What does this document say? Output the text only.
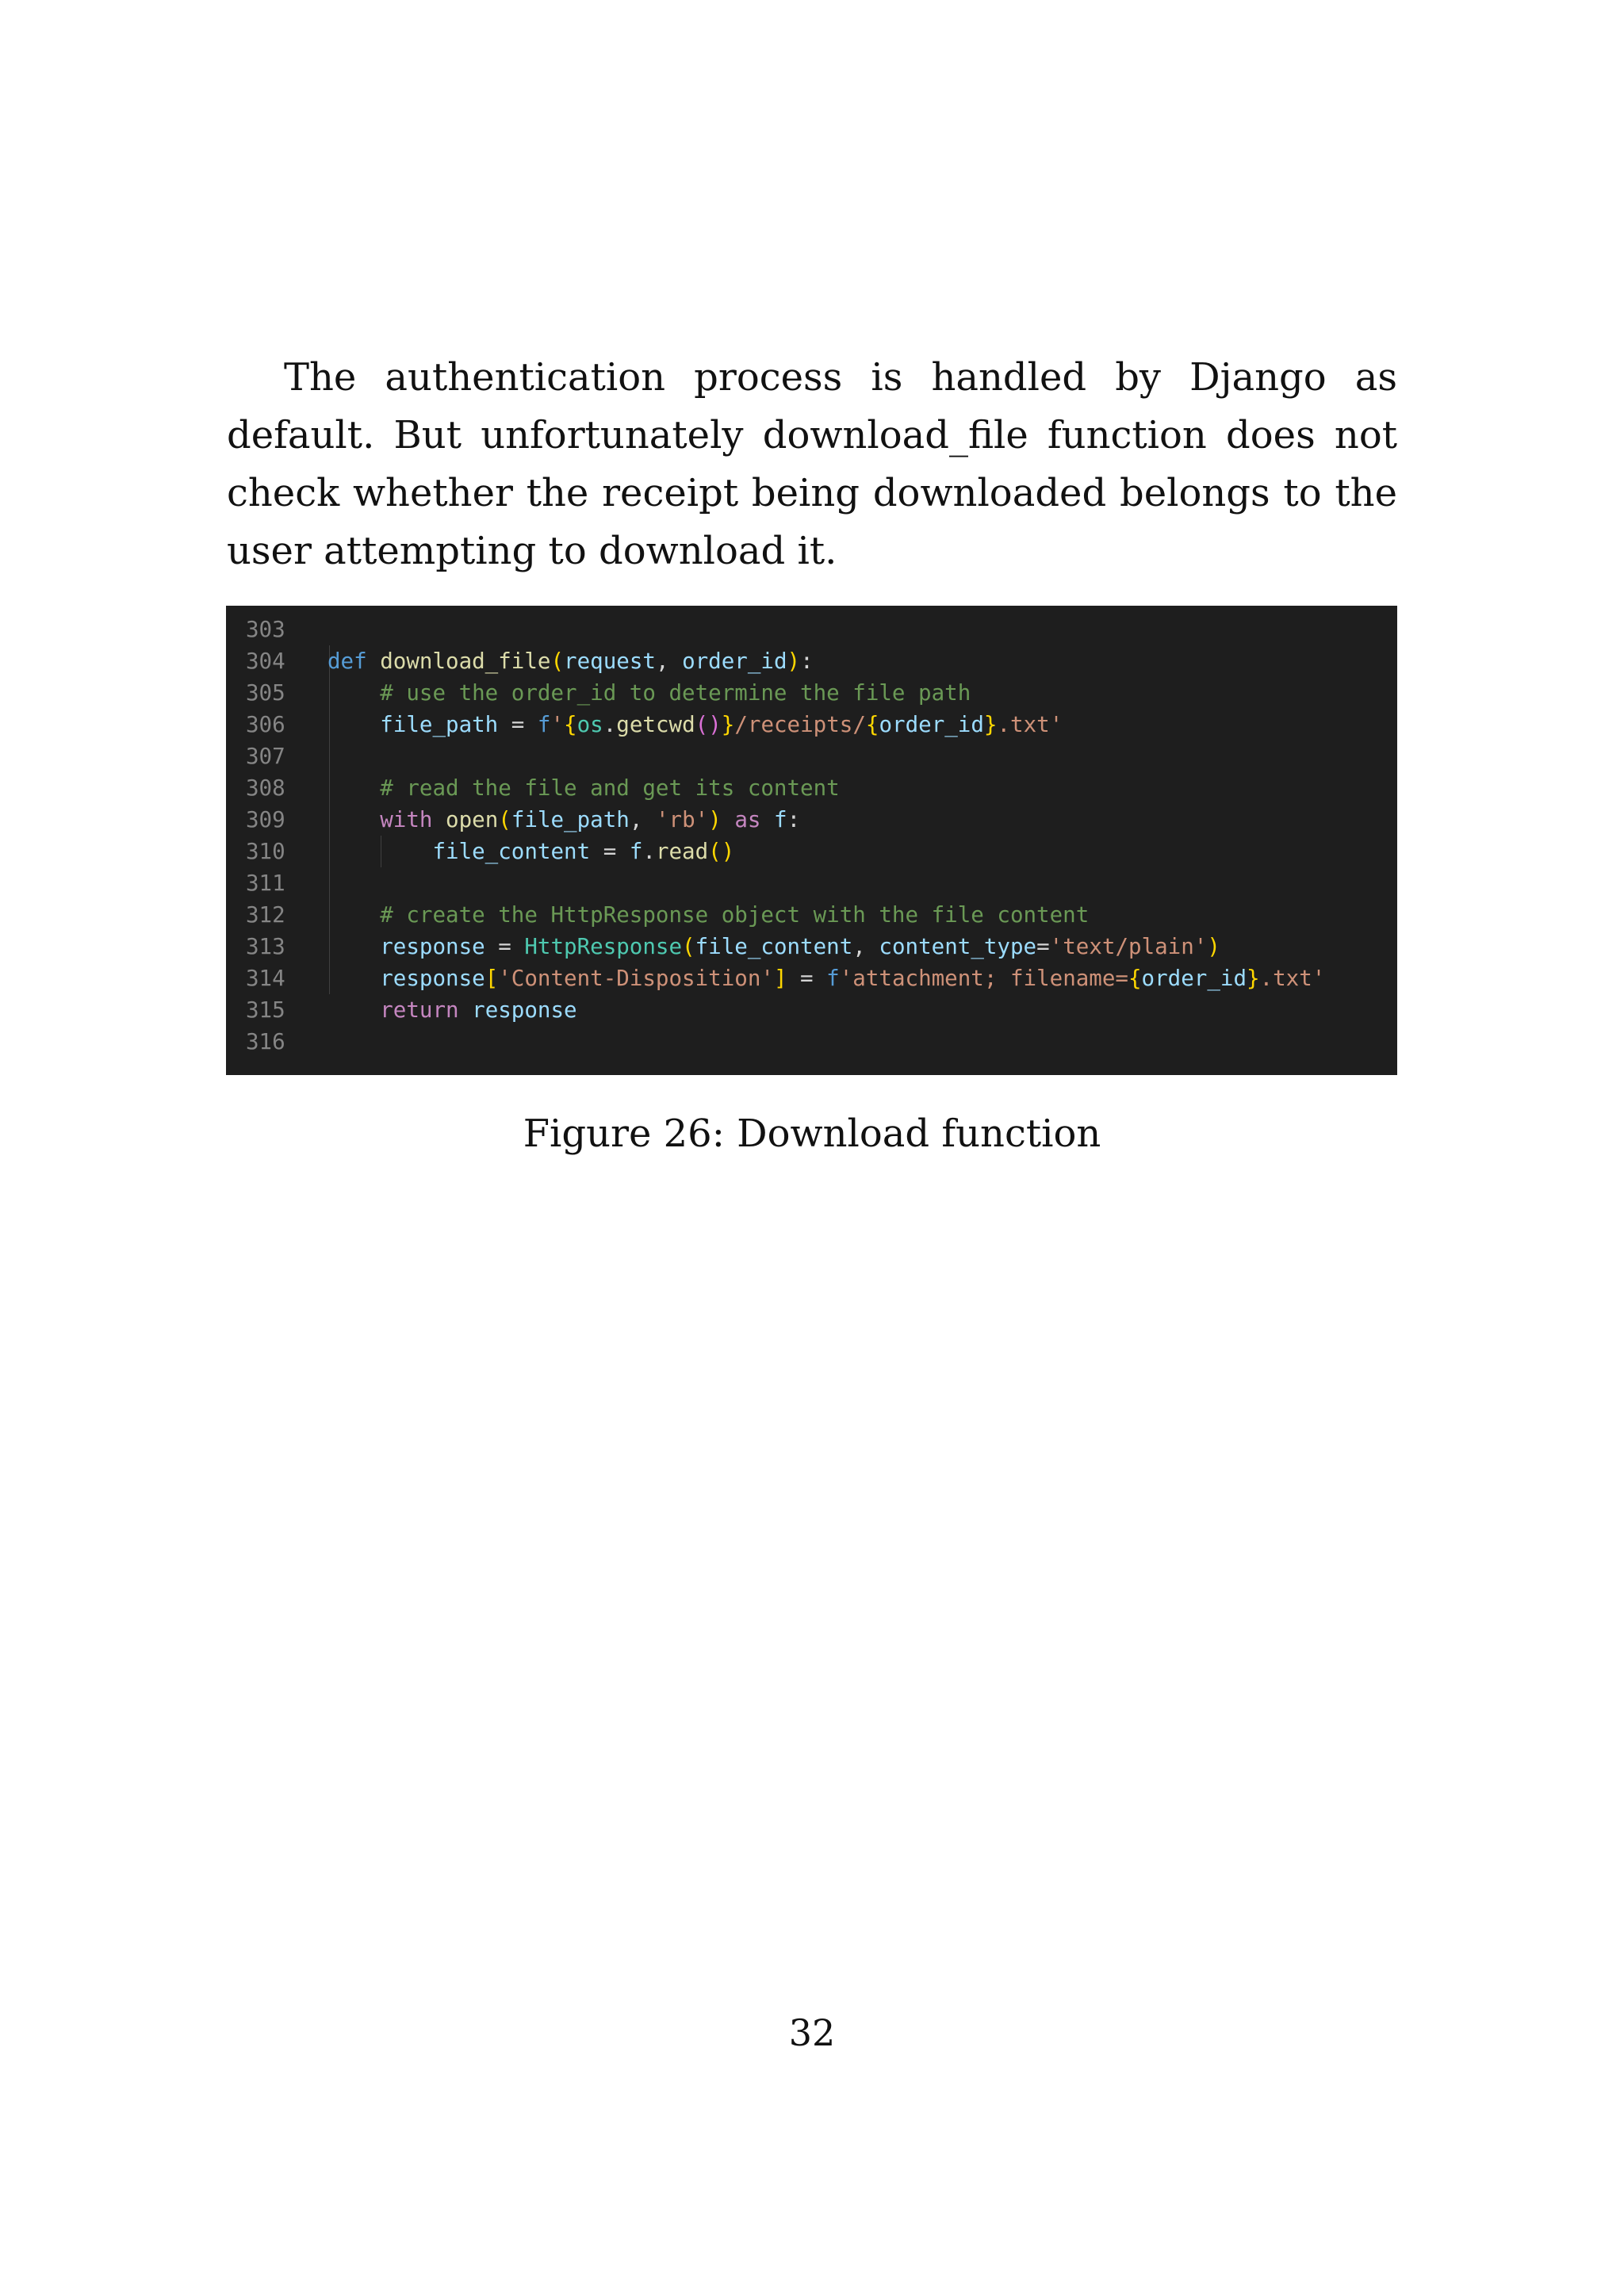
The authentication process is handled by Django as default. But unfortunately download_file function does not check whether the receipt being downloaded belongs to the user attempting to download it.

303
304 def download_file(request, order_id):
305	# use the order_id to determine the file path
306	file_path = f'{os.getcwd()}/receipts/{order_id}.txt'
307
308	# read the file and get its content
309	with open(file_path, 'rb') as f:
310	file_content = f.read()
311
312	# create the HttpResponse object with the file content
313	response = HttpResponse(file_content, content_type='text/plain')
314	response['Content-Disposition'] = f'attachment; filename={order_id}.txt'
315	return response
316
Figure 26: Download function
32
